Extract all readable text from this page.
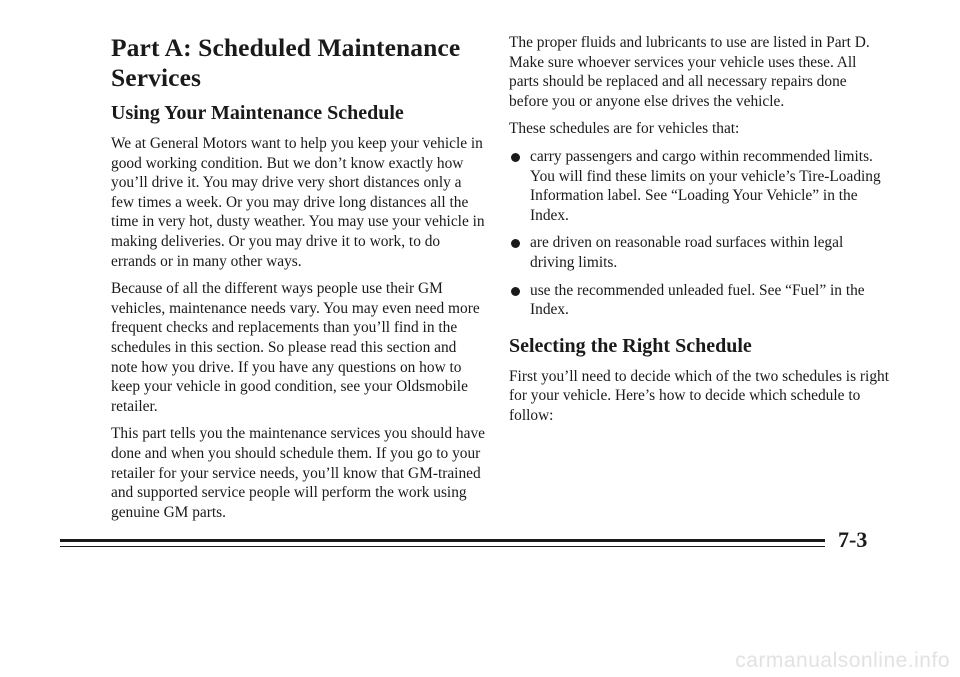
Part A: Scheduled Maintenance Services
Using Your Maintenance Schedule

We at General Motors want to help you keep your vehicle in good working condition. But we don’t know exactly how you’ll drive it. You may drive very short distances only a few times a week. Or you may drive long distances all the time in very hot, dusty weather. You may use your vehicle in making deliveries. Or you may drive it to work, to do errands or in many other ways.

Because of all the different ways people use their GM vehicles, maintenance needs vary. You may even need more frequent checks and replacements than you’ll find in the schedules in this section. So please read this section and note how you drive. If you have any questions on how to keep your vehicle in good condition, see your Oldsmobile retailer.

This part tells you the maintenance services you should have done and when you should schedule them. If you go to your retailer for your service needs, you’ll know that GM-trained and supported service people will perform the work using genuine GM parts.

The proper fluids and lubricants to use are listed in Part D. Make sure whoever services your vehicle uses these. All parts should be replaced and all necessary repairs done before you or anyone else drives the vehicle.

These schedules are for vehicles that:

carry passengers and cargo within recommended limits. You will find these limits on your vehicle’s Tire-Loading Information label. See “Loading Your Vehicle” in the Index.
are driven on reasonable road surfaces within legal driving limits.
use the recommended unleaded fuel. See “Fuel” in the Index.
Selecting the Right Schedule

First you’ll need to decide which of the two schedules is right for your vehicle. Here’s how to decide which schedule to follow:

7-3
carmanualsonline.info
